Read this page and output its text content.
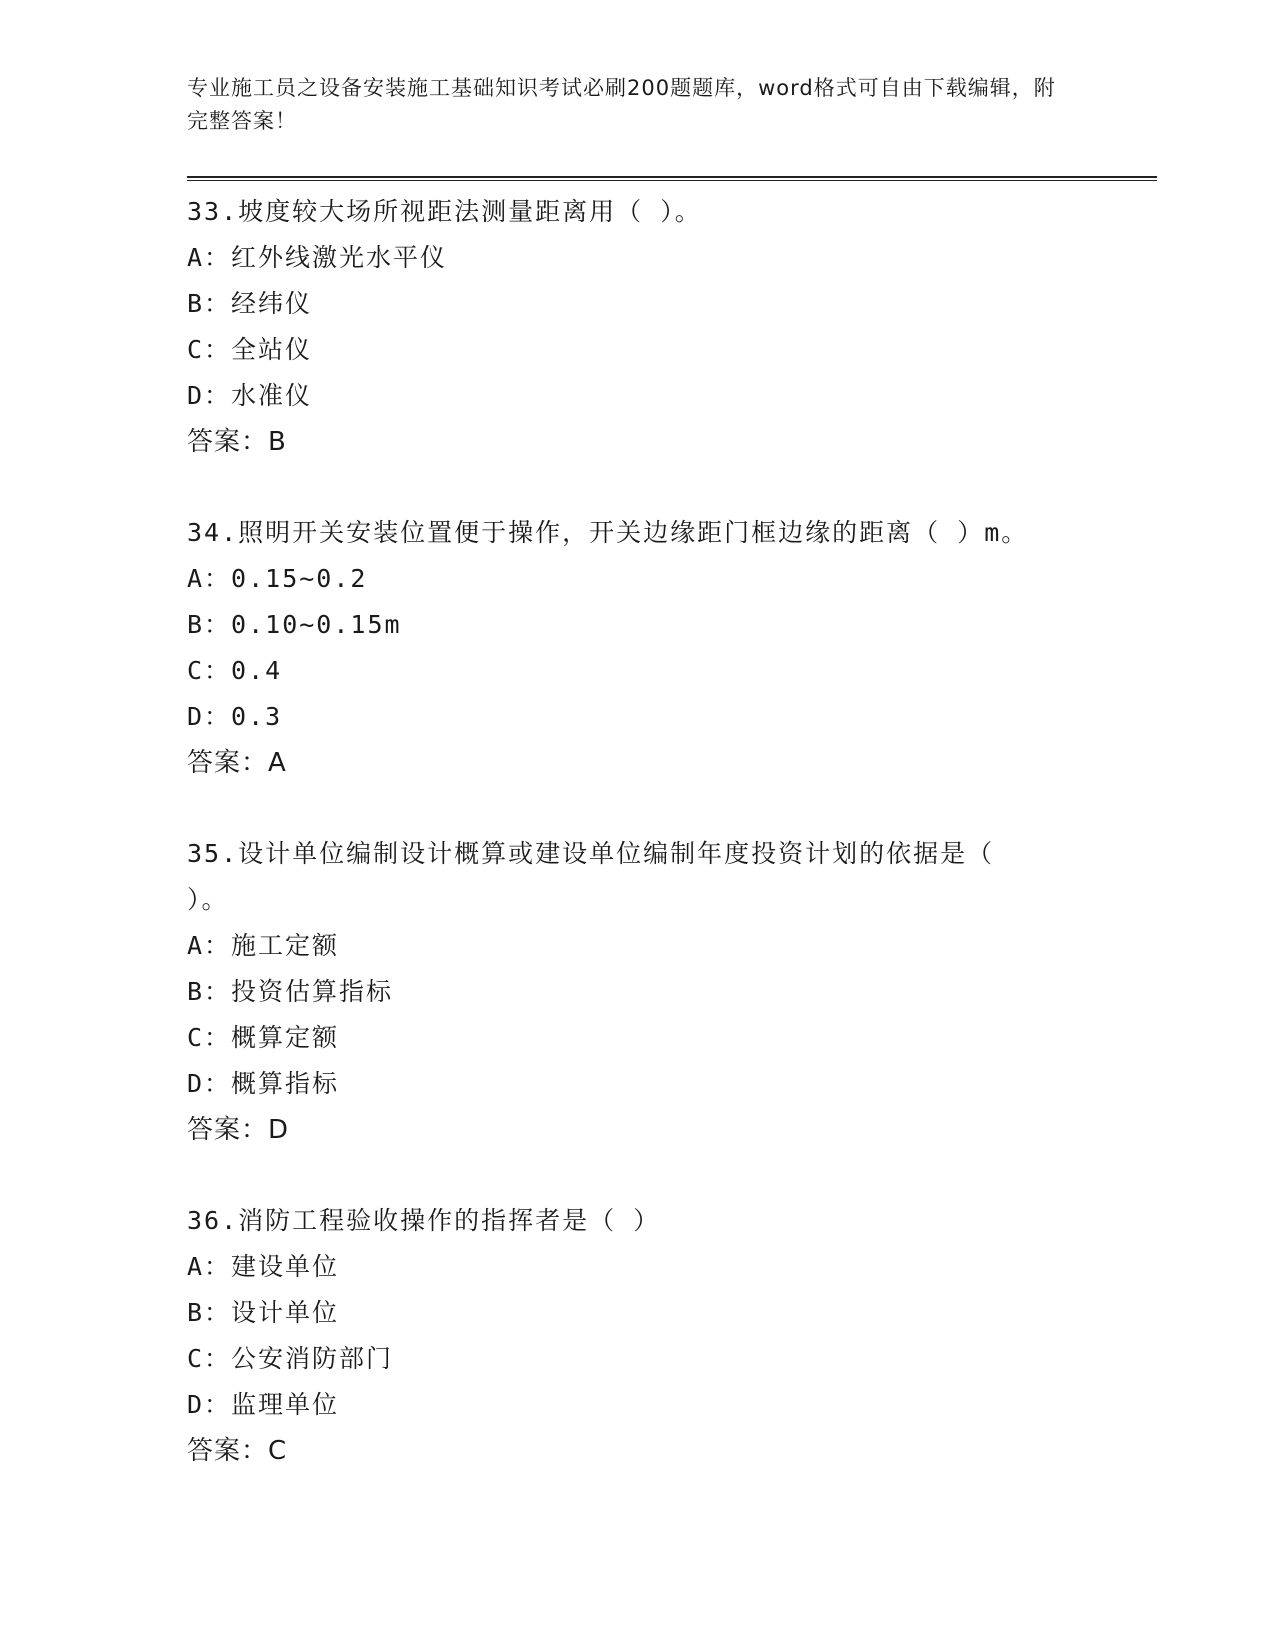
专业施工员之设备安装施工基础知识考试必刷200题题库，word格式可自由下载编辑，附完整答案！

33.坡度较大场所视距法测量距离用（ ）。

A：红外线激光水平仪

B：经纬仪

C：全站仪

D：水准仪

答案：B

34.照明开关安装位置便于操作，开关边缘距门框边缘的距离（ ）m。

A：0.15~0.2

B：0.10~0.15m

C：0.4

D：0.3

答案：A

35.设计单位编制设计概算或建设单位编制年度投资计划的依据是（ ）。

A：施工定额

B：投资估算指标

C：概算定额

D：概算指标

答案：D

36.消防工程验收操作的指挥者是（ ）

A：建设单位

B：设计单位

C：公安消防部门

D：监理单位

答案：C
